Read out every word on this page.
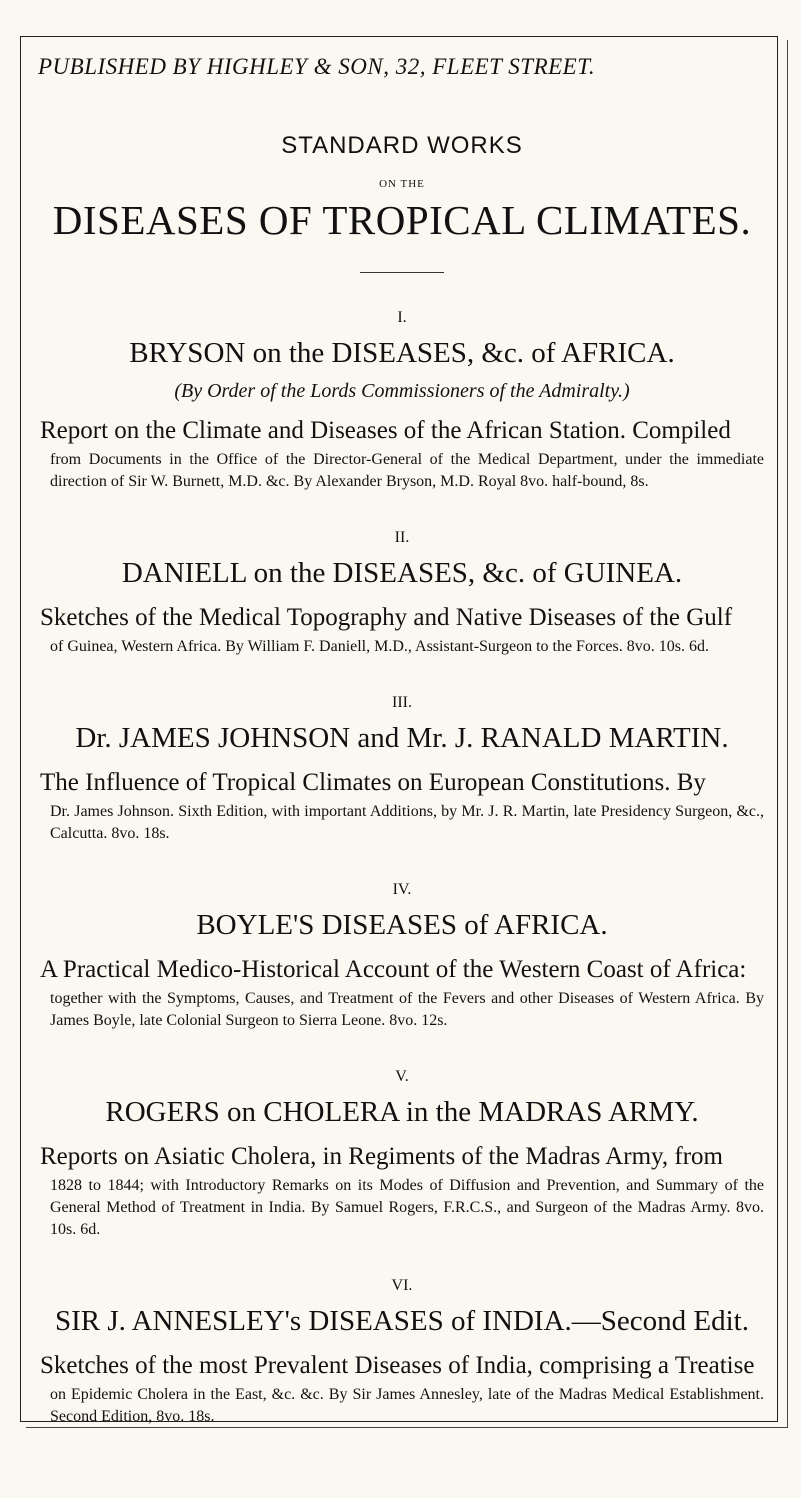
PUBLISHED BY HIGHLEY & SON, 32, FLEET STREET.
STANDARD WORKS
ON THE
DISEASES OF TROPICAL CLIMATES.
I.
BRYSON on the DISEASES, &c. of AFRICA.
(By Order of the Lords Commissioners of the Admiralty.)
Report on the Climate and Diseases of the African Station. Compiled
from Documents in the Office of the Director-General of the Medical Department, under the immediate direction of Sir W. Burnett, M.D. &c. By Alexander Bryson, M.D. Royal 8vo. half-bound, 8s.
II.
DANIELL on the DISEASES, &c. of GUINEA.
Sketches of the Medical Topography and Native Diseases of the Gulf
of Guinea, Western Africa. By William F. Daniell, M.D., Assistant-Surgeon to the Forces. 8vo. 10s. 6d.
III.
Dr. JAMES JOHNSON and Mr. J. RANALD MARTIN.
The Influence of Tropical Climates on European Constitutions. By
Dr. James Johnson. Sixth Edition, with important Additions, by Mr. J. R. Martin, late Presidency Surgeon, &c., Calcutta. 8vo. 18s.
IV.
BOYLE'S DISEASES of AFRICA.
A Practical Medico-Historical Account of the Western Coast of Africa:
together with the Symptoms, Causes, and Treatment of the Fevers and other Diseases of Western Africa. By James Boyle, late Colonial Surgeon to Sierra Leone. 8vo. 12s.
V.
ROGERS on CHOLERA in the MADRAS ARMY.
Reports on Asiatic Cholera, in Regiments of the Madras Army, from
1828 to 1844; with Introductory Remarks on its Modes of Diffusion and Prevention, and Summary of the General Method of Treatment in India. By Samuel Rogers, F.R.C.S., and Surgeon of the Madras Army. 8vo. 10s. 6d.
VI.
SIR J. ANNESLEY's DISEASES of INDIA.—Second Edit.
Sketches of the most Prevalent Diseases of India, comprising a Treatise
on Epidemic Cholera in the East, &c. &c. By Sir James Annesley, late of the Madras Medical Establishment. Second Edition, 8vo. 18s.
